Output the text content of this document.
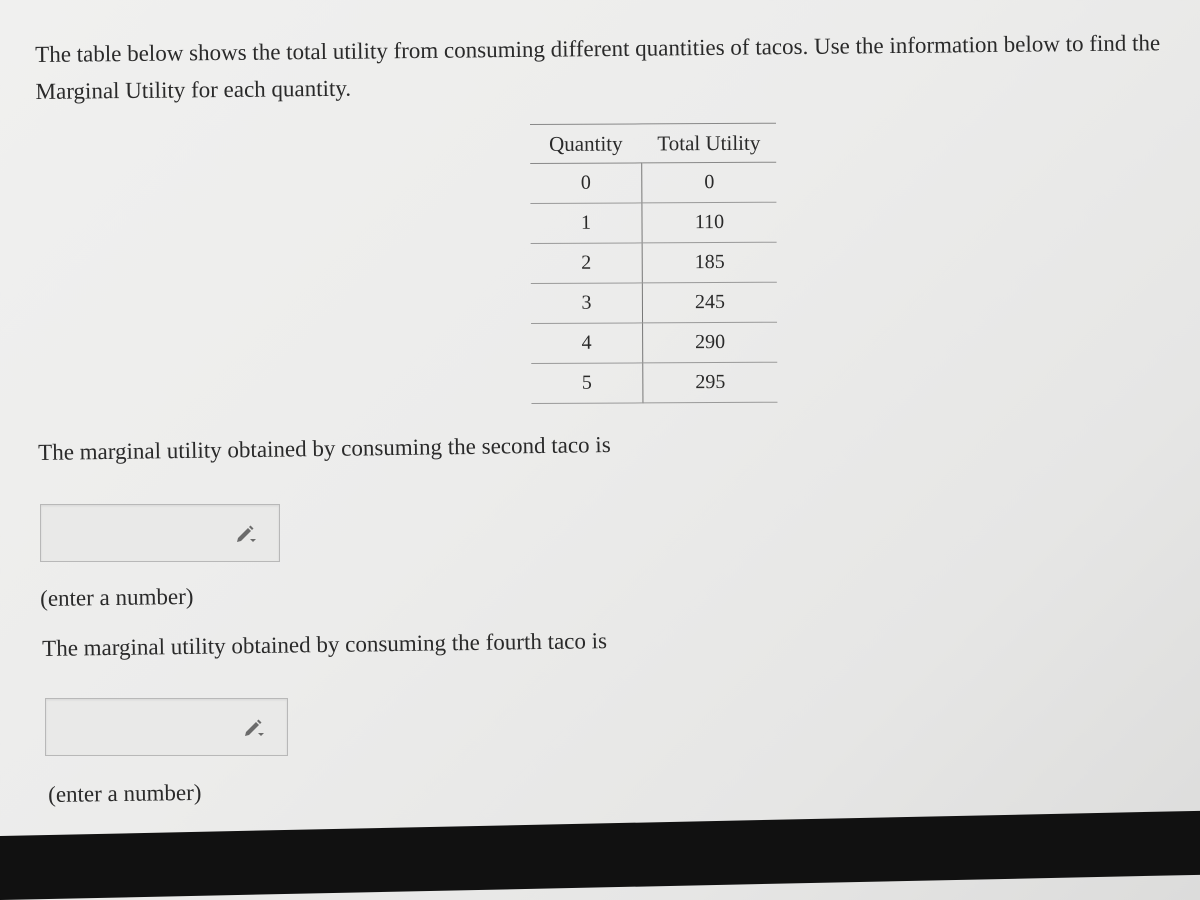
The table below shows the total utility from consuming different quantities of tacos. Use the information below to find the Marginal Utility for each quantity.
Quantity	Total Utility
0	0
1	110
2	185
3	245
4	290
5	295
The marginal utility obtained by consuming the second taco is
(enter a number)
The marginal utility obtained by consuming the fourth taco is
(enter a number)
